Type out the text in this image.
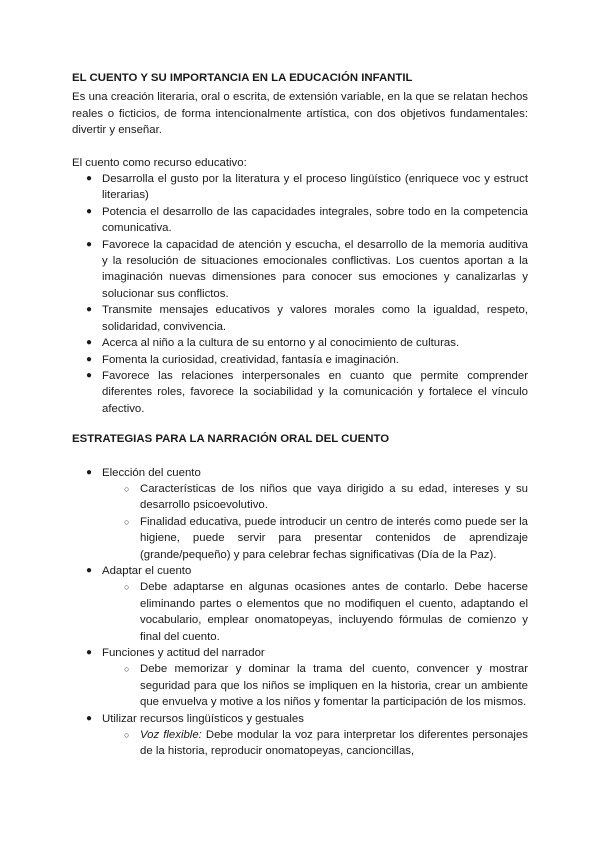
EL CUENTO Y SU IMPORTANCIA EN LA EDUCACIÓN INFANTIL

Es una creación literaria, oral o escrita, de extensión variable, en la que se relatan hechos reales o ficticios, de forma intencionalmente artística, con dos objetivos fundamentales: divertir y enseñar.

El cuento como recurso educativo:

● Desarrolla el gusto por la literatura y el proceso lingüístico (enriquece voc y estruct literarias)
● Potencia el desarrollo de las capacidades integrales, sobre todo en la competencia comunicativa.
● Favorece la capacidad de atención y escucha, el desarrollo de la memoria auditiva y la resolución de situaciones emocionales conflictivas. Los cuentos aportan a la imaginación nuevas dimensiones para conocer sus emociones y canalizarlas y solucionar sus conflictos.
● Transmite mensajes educativos y valores morales como la igualdad, respeto, solidaridad, convivencia.
● Acerca al niño a la cultura de su entorno y al conocimiento de culturas.
● Fomenta la curiosidad, creatividad, fantasía e imaginación.
● Favorece las relaciones interpersonales en cuanto que permite comprender diferentes roles, favorece la sociabilidad y la comunicación y fortalece el vínculo afectivo.
ESTRATEGIAS PARA LA NARRACIÓN ORAL DEL CUENTO
● Elección del cuento
○ Características de los niños que vaya dirigido a su edad, intereses y su desarrollo psicoevolutivo.
○ Finalidad educativa, puede introducir un centro de interés como puede ser la higiene, puede servir para presentar contenidos de aprendizaje (grande/pequeño) y para celebrar fechas significativas (Día de la Paz).
● Adaptar el cuento
○ Debe adaptarse en algunas ocasiones antes de contarlo. Debe hacerse eliminando partes o elementos que no modifiquen el cuento, adaptando el vocabulario, emplear onomatopeyas, incluyendo fórmulas de comienzo y final del cuento.
● Funciones y actitud del narrador
○ Debe memorizar y dominar la trama del cuento, convencer y mostrar seguridad para que los niños se impliquen en la historia, crear un ambiente que envuelva y motive a los niños y fomentar la participación de los mismos.
● Utilizar recursos lingüísticos y gestuales
○ Voz flexible: Debe modular la voz para interpretar los diferentes personajes de la historia, reproducir onomatopeyas, cancioncillas,
